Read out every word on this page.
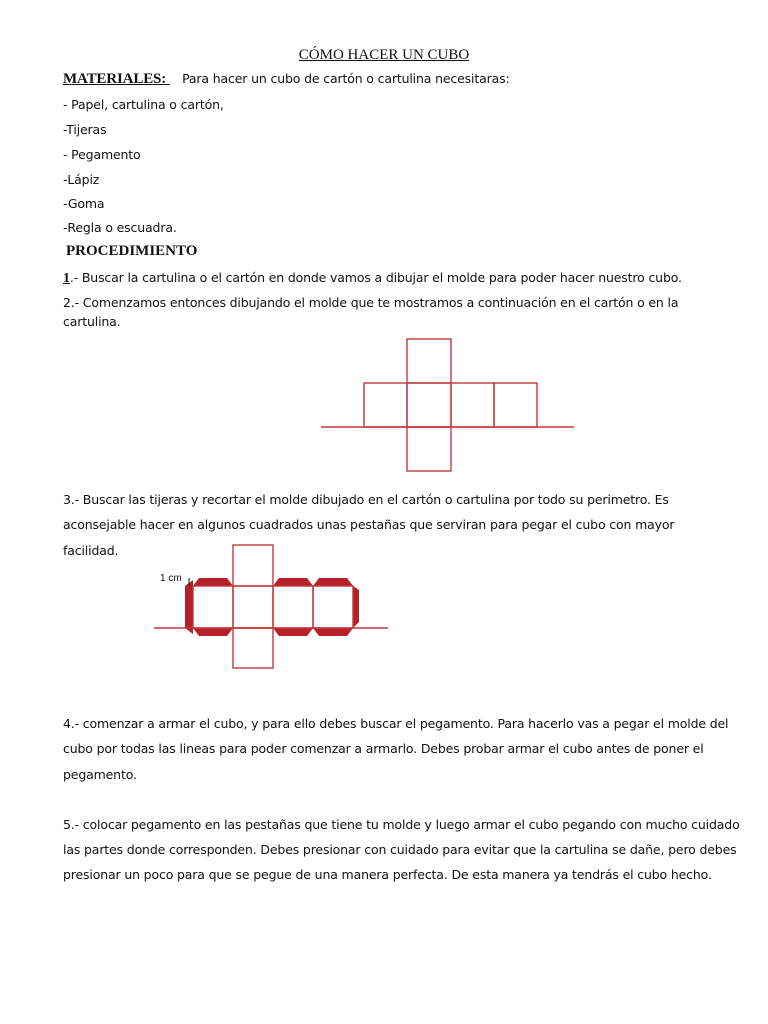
CÓMO HACER UN CUBO
MATERIALES: Para hacer un cubo de cartón o cartulina necesitaras:
- Papel, cartulina o cartón,
-Tijeras
- Pegamento
-Lápiz
-Goma
-Regla o escuadra.
PROCEDIMIENTO
1.- Buscar la cartulina o el cartón en donde vamos a dibujar el molde para poder hacer nuestro cubo.
2.- Comenzamos entonces dibujando el molde que te mostramos a continuación en el cartón o en la
cartulina.
3.- Buscar las tijeras y recortar el molde dibujado en el cartón o cartulina por todo su perimetro. Es
aconsejable hacer en algunos cuadrados unas pestañas que serviran para pegar el cubo con mayor
facilidad.
1 cm
4.- comenzar a armar el cubo, y para ello debes buscar el pegamento. Para hacerlo vas a pegar el molde del
cubo por todas las lineas para poder comenzar a armarlo. Debes probar armar el cubo antes de poner el
pegamento.
5.- colocar pegamento en las pestañas que tiene tu molde y luego armar el cubo pegando con mucho cuidado
las partes donde corresponden. Debes presionar con cuidado para evitar que la cartulina se dañe, pero debes
presionar un poco para que se pegue de una manera perfecta. De esta manera ya tendrás el cubo hecho.
